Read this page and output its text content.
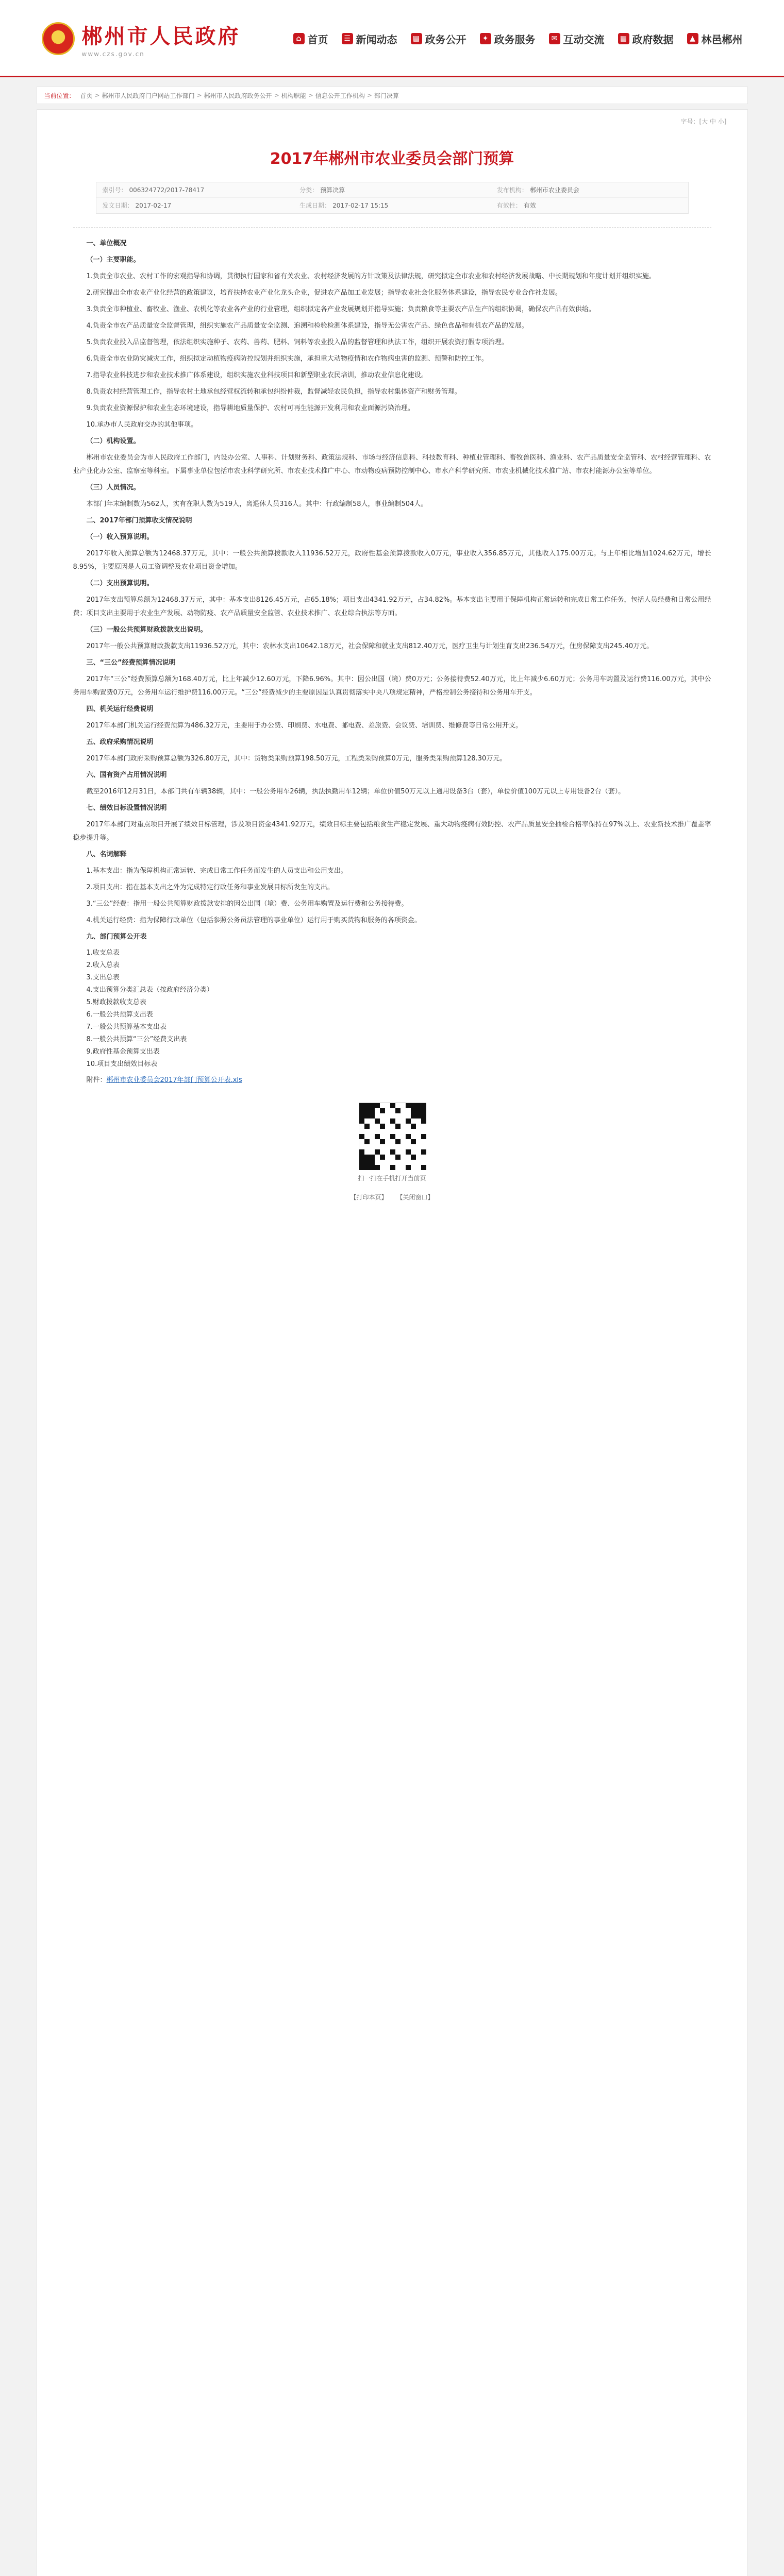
★ 郴州市人民政府
www.czs.gov.cn
⌂ 首页	☰ 新闻动态	▤ 政务公开	✦ 政务服务	✉ 互动交流	▦ 政府数据	▲ 林邑郴州
当前位置： 首页 > 郴州市人民政府门户网站工作部门 > 郴州市人民政府政务公开 > 机构职能 > 信息公开工作机构 > 部门决算
字号：[大 中 小]
2017年郴州市农业委员会部门预算
索引号： 006324772/2017-78417	分类： 预算决算	发布机构： 郴州市农业委员会
发文日期： 2017-02-17	生成日期： 2017-02-17 15:15	有效性： 有效

一、单位概况

（一）主要职能。

1.负责全市农业、农村工作的宏观指导和协调，贯彻执行国家和省有关农业、农村经济发展的方针政策及法律法规，研究拟定全市农业和农村经济发展战略、中长期规划和年度计划并组织实施。

2.研究提出全市农业产业化经营的政策建议，培育扶持农业产业化龙头企业，促进农产品加工业发展；指导农业社会化服务体系建设，指导农民专业合作社发展。

3.负责全市种植业、畜牧业、渔业、农机化等农业各产业的行业管理，组织拟定各产业发展规划并指导实施；负责粮食等主要农产品生产的组织协调，确保农产品有效供给。

4.负责全市农产品质量安全监督管理，组织实施农产品质量安全监测、追溯和检验检测体系建设，指导无公害农产品、绿色食品和有机农产品的发展。

5.负责农业投入品监督管理，依法组织实施种子、农药、兽药、肥料、饲料等农业投入品的监督管理和执法工作，组织开展农资打假专项治理。

6.负责全市农业防灾减灾工作，组织拟定动植物疫病防控规划并组织实施，承担重大动物疫情和农作物病虫害的监测、预警和防控工作。

7.指导农业科技进步和农业技术推广体系建设，组织实施农业科技项目和新型职业农民培训，推动农业信息化建设。

8.负责农村经营管理工作，指导农村土地承包经营权流转和承包纠纷仲裁，监督减轻农民负担，指导农村集体资产和财务管理。

9.负责农业资源保护和农业生态环境建设，指导耕地质量保护、农村可再生能源开发利用和农业面源污染治理。

10.承办市人民政府交办的其他事项。

（二）机构设置。

郴州市农业委员会为市人民政府工作部门，内设办公室、人事科、计划财务科、政策法规科、市场与经济信息科、科技教育科、种植业管理科、畜牧兽医科、渔业科、农产品质量安全监管科、农村经营管理科、农业产业化办公室、监察室等科室。下属事业单位包括市农业科学研究所、市农业技术推广中心、市动物疫病预防控制中心、市水产科学研究所、市农业机械化技术推广站、市农村能源办公室等单位。

（三）人员情况。

本部门年末编制数为562人，实有在职人数为519人，离退休人员316人。其中：行政编制58人，事业编制504人。

二、2017年部门预算收支情况说明

（一）收入预算说明。

2017年收入预算总额为12468.37万元，其中：一般公共预算拨款收入11936.52万元，政府性基金预算拨款收入0万元，事业收入356.85万元，其他收入175.00万元。与上年相比增加1024.62万元，增长8.95%，主要原因是人员工资调整及农业项目资金增加。

（二）支出预算说明。

2017年支出预算总额为12468.37万元，其中：基本支出8126.45万元，占65.18%；项目支出4341.92万元，占34.82%。基本支出主要用于保障机构正常运转和完成日常工作任务，包括人员经费和日常公用经费；项目支出主要用于农业生产发展、动物防疫、农产品质量安全监管、农业技术推广、农业综合执法等方面。

（三）一般公共预算财政拨款支出说明。

2017年一般公共预算财政拨款支出11936.52万元，其中：农林水支出10642.18万元，社会保障和就业支出812.40万元，医疗卫生与计划生育支出236.54万元，住房保障支出245.40万元。

三、“三公”经费预算情况说明

2017年“三公”经费预算总额为168.40万元，比上年减少12.60万元，下降6.96%。其中：因公出国（境）费0万元；公务接待费52.40万元，比上年减少6.60万元；公务用车购置及运行费116.00万元，其中公务用车购置费0万元，公务用车运行维护费116.00万元。“三公”经费减少的主要原因是认真贯彻落实中央八项规定精神，严格控制公务接待和公务用车开支。

四、机关运行经费说明

2017年本部门机关运行经费预算为486.32万元，主要用于办公费、印刷费、水电费、邮电费、差旅费、会议费、培训费、维修费等日常公用开支。

五、政府采购情况说明

2017年本部门政府采购预算总额为326.80万元，其中：货物类采购预算198.50万元，工程类采购预算0万元，服务类采购预算128.30万元。

六、国有资产占用情况说明

截至2016年12月31日，本部门共有车辆38辆，其中：一般公务用车26辆，执法执勤用车12辆；单位价值50万元以上通用设备3台（套），单位价值100万元以上专用设备2台（套）。

七、绩效目标设置情况说明

2017年本部门对重点项目开展了绩效目标管理，涉及项目资金4341.92万元，绩效目标主要包括粮食生产稳定发展、重大动物疫病有效防控、农产品质量安全抽检合格率保持在97%以上、农业新技术推广覆盖率稳步提升等。

八、名词解释

1.基本支出：指为保障机构正常运转、完成日常工作任务而发生的人员支出和公用支出。

2.项目支出：指在基本支出之外为完成特定行政任务和事业发展目标所发生的支出。

3.“三公”经费：指用一般公共预算财政拨款安排的因公出国（境）费、公务用车购置及运行费和公务接待费。

4.机关运行经费：指为保障行政单位（包括参照公务员法管理的事业单位）运行用于购买货物和服务的各项资金。

九、部门预算公开表

1.收支总表
2.收入总表
3.支出总表
4.支出预算分类汇总表（按政府经济分类）
5.财政拨款收支总表
6.一般公共预算支出表
7.一般公共预算基本支出表
8.一般公共预算“三公”经费支出表
9.政府性基金预算支出表
10.项目支出绩效目标表

附件：郴州市农业委员会2017年部门预算公开表.xls

扫一扫在手机打开当前页
【打印本页】 【关闭窗口】
